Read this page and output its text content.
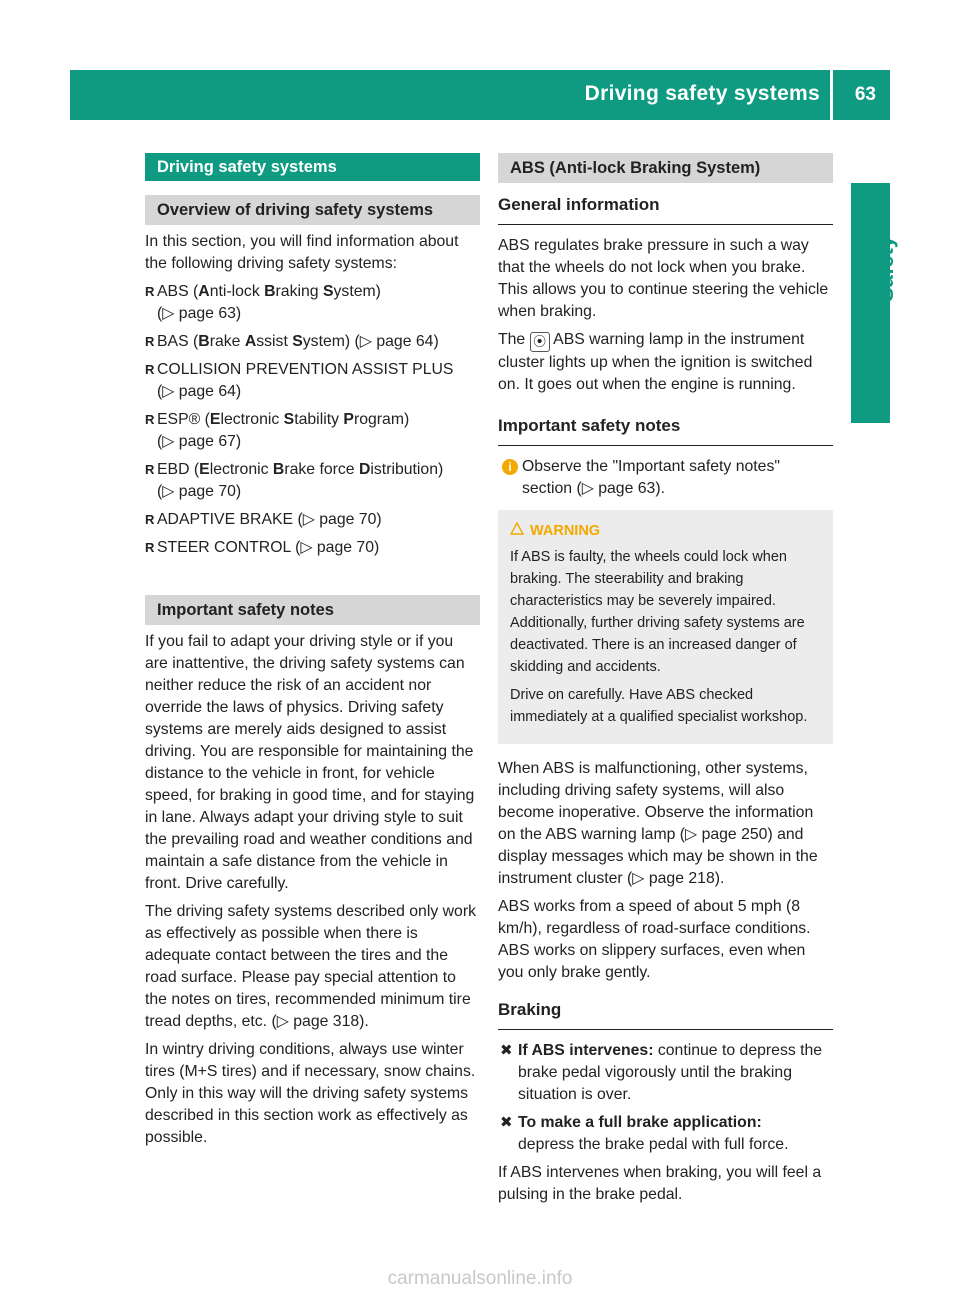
Driving safety systems 63
Safety
Driving safety systems
Overview of driving safety systems

In this section, you will find information about the following driving safety systems:

R ABS (Anti-lock Braking System)
(▷ page 63)
R BAS (Brake Assist System) (▷ page 64)
R COLLISION PREVENTION ASSIST PLUS
(▷ page 64)
R ESP® (Electronic Stability Program)
(▷ page 67)
R EBD (Electronic Brake force Distribution)
(▷ page 70)
R ADAPTIVE BRAKE (▷ page 70)
R STEER CONTROL (▷ page 70)
Important safety notes

If you fail to adapt your driving style or if you are inattentive, the driving safety systems can neither reduce the risk of an accident nor override the laws of physics. Driving safety systems are merely aids designed to assist driving. You are responsible for maintaining the distance to the vehicle in front, for vehicle speed, for braking in good time, and for staying in lane. Always adapt your driving style to suit the prevailing road and weather conditions and maintain a safe distance from the vehicle in front. Drive carefully.

The driving safety systems described only work as effectively as possible when there is adequate contact between the tires and the road surface. Please pay special attention to the notes on tires, recommended minimum tire tread depths, etc. (▷ page 318).

In wintry driving conditions, always use winter tires (M+S tires) and if necessary, snow chains. Only in this way will the driving safety systems described in this section work as effectively as possible.

ABS (Anti-lock Braking System)
General information

ABS regulates brake pressure in such a way that the wheels do not lock when you brake. This allows you to continue steering the vehicle when braking.

The ⦿ ABS warning lamp in the instrument cluster lights up when the ignition is switched on. It goes out when the engine is running.

Important safety notes
i Observe the "Important safety notes" section (▷ page 63).
WARNING

If ABS is faulty, the wheels could lock when braking. The steerability and braking characteristics may be severely impaired. Additionally, further driving safety systems are deactivated. There is an increased danger of skidding and accidents.

Drive on carefully. Have ABS checked immediately at a qualified specialist workshop.

When ABS is malfunctioning, other systems, including driving safety systems, will also become inoperative. Observe the information on the ABS warning lamp (▷ page 250) and display messages which may be shown in the instrument cluster (▷ page 218).

ABS works from a speed of about 5 mph (8 km/h), regardless of road-surface conditions. ABS works on slippery surfaces, even when you only brake gently.

Braking
✖ If ABS intervenes: continue to depress the brake pedal vigorously until the braking situation is over.
✖ To make a full brake application:
depress the brake pedal with full force.

If ABS intervenes when braking, you will feel a pulsing in the brake pedal.

carmanualsonline.info
